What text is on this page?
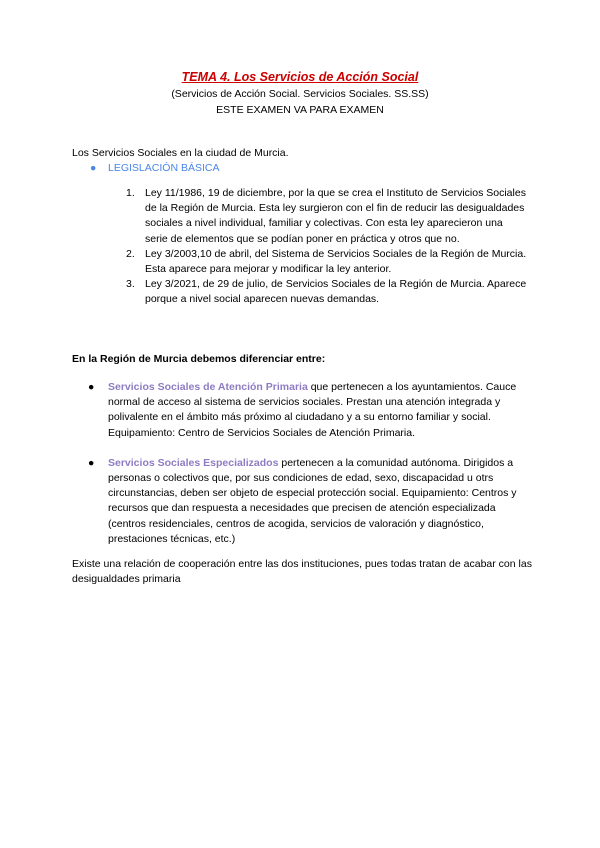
TEMA 4. Los Servicios de Acción Social
(Servicios de Acción Social. Servicios Sociales. SS.SS)
ESTE EXAMEN VA PARA EXAMEN
Los Servicios Sociales en la ciudad de Murcia.
● LEGISLACIÓN BÁSICA
1. Ley 11/1986, 19 de diciembre, por la que se crea el Instituto de Servicios Sociales de la Región de Murcia. Esta ley surgieron con el fin de reducir las desigualdades sociales a nivel individual, familiar y colectivas. Con esta ley aparecieron una serie de elementos que se podían poner en práctica y otros que no.
2. Ley 3/2003,10 de abril, del Sistema de Servicios Sociales de la Región de Murcia. Esta aparece para mejorar y modificar la ley anterior.
3. Ley 3/2021, de 29 de julio, de Servicios Sociales de la Región de Murcia. Aparece porque a nivel social aparecen nuevas demandas.
En la Región de Murcia debemos diferenciar entre:
● Servicios Sociales de Atención Primaria que pertenecen a los ayuntamientos. Cauce normal de acceso al sistema de servicios sociales. Prestan una atención integrada y polivalente en el ámbito más próximo al ciudadano y a su entorno familiar y social. Equipamiento: Centro de Servicios Sociales de Atención Primaria.
● Servicios Sociales Especializados pertenecen a la comunidad autónoma. Dirigidos a personas o colectivos que, por sus condiciones de edad, sexo, discapacidad u otrs circunstancias, deben ser objeto de especial protección social. Equipamiento: Centros y recursos que dan respuesta a necesidades que precisen de atención especializada (centros residenciales, centros de acogida, servicios de valoración y diagnóstico, prestaciones técnicas, etc.)
Existe una relación de cooperación entre las dos instituciones, pues todas tratan de acabar con las desigualdades primaria
